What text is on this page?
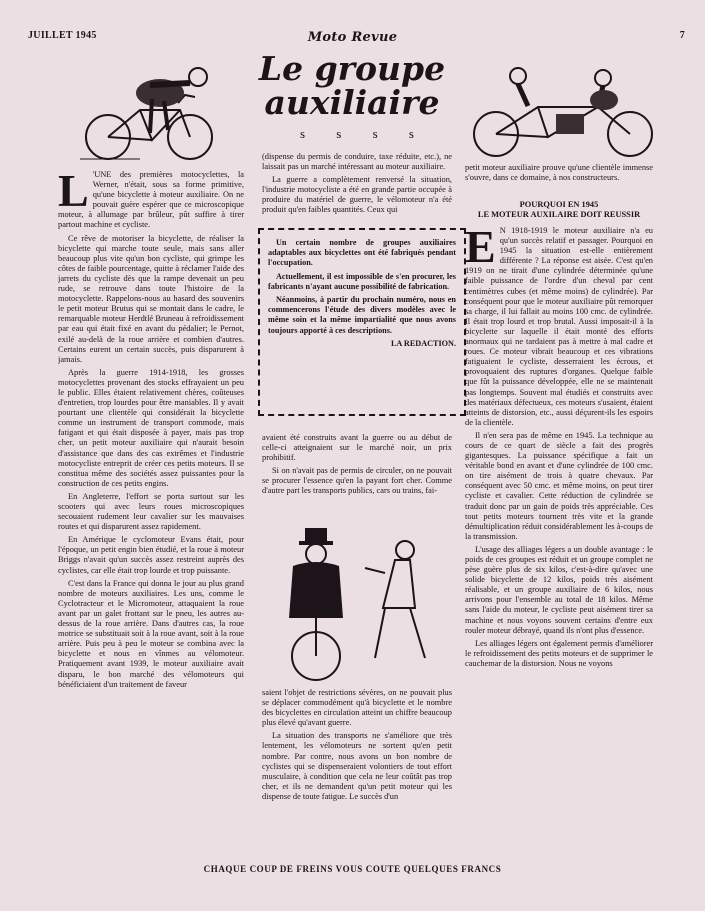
JUILLET 1945	Moto Revue	7
Le groupe
auxiliaire
s s s s

L 'UNE des premières motocyclettes, la Werner, n'était, sous sa forme primitive, qu'une bicyclette à moteur auxiliaire. On ne pouvait guère espérer que ce microscopique moteur, à allumage par brûleur, pût suffire à tirer partout machine et cycliste.

Ce rêve de motoriser la bicyclette, de réaliser la bicyclette qui marche toute seule, mais sans aller beaucoup plus vite qu'un bon cycliste, qui grimpe les côtes de faible pourcentage, quitte à réclamer l'aide des jarrets du cycliste dès que la rampe devenait un peu rude, se retrouve dans toute l'histoire de la motocyclette. Rappelons-nous au hasard des souvenirs le petit moteur Brutus qui se montait dans le cadre, le remarquable moteur Herdtlé Bruneau à refroidissement par eau qui était fixé en avant du pédalier; le Pernot, exilé au-delà de la roue arrière et combien d'autres. Certains eurent un certain succès, puis disparurent à jamais.

Après la guerre 1914-1918, les grosses motocyclettes provenant des stocks effrayaient un peu le public. Elles étaient relativement chères, coûteuses d'entretien, trop lourdes pour être maniables. Il y avait pourtant une clientèle qui considérait la bicyclette comme un instrument de transport commode, mais fatigant et qui était disposée à payer, mais pas trop cher, un petit moteur auxiliaire qui n'aurait besoin d'assistance que dans des cas extrêmes et l'industrie motocycliste entreprit de créer ces petits moteurs. Il se constitua même des sociétés assez puissantes pour la construction de ces petits engins.

En Angleterre, l'effort se porta surtout sur les scooters qui avec leurs roues microscopiques secouaient rudement leur cavalier sur les mauvaises routes et qui disparurent assez rapidement.

En Amérique le cyclomoteur Evans était, pour l'époque, un petit engin bien étudié, et la roue à moteur Briggs n'avait qu'un succès assez restreint auprès des cyclistes, car elle était trop lourde et trop puissante.

C'est dans la France qui donna le jour au plus grand nombre de moteurs auxiliaires. Les uns, comme le Cyclotracteur et le Micromoteur, attaquaient la roue avant par un galet frottant sur le pneu, les autres au-dessus de la roue arrière. Dans d'autres cas, la roue motrice se substituait soit à la roue avant, soit à la roue arrière. Puis peu à peu le moteur se combina avec la bicyclette et nous en vînmes au vélomoteur. Pratiquement avant 1939, le moteur auxiliaire avait disparu, le bon marché des vélomoteurs qui bénéficiaient d'un traitement de faveur

(dispense du permis de conduire, taxe réduite, etc.), ne laissait pas un marché intéressant au moteur auxiliaire.

La guerre a complètement renversé la situation, l'industrie motocycliste a été en grande partie occupée à produire du matériel de guerre, le vélomoteur n'a été produit qu'en faibles quantités. Ceux qui

Un certain nombre de groupes auxiliaires adaptables aux bicyclettes ont été fabriqués pendant l'occupation.

Actuellement, il est impossible de s'en procurer, les fabricants n'ayant aucune possibilité de fabrication.

Néanmoins, à partir du prochain numéro, nous en commencerons l'étude des divers modèles avec le même soin et la même impartialité que nous avons toujours apporté à ces descriptions.

LA REDACTION.

avaient été construits avant la guerre ou au début de celle-ci atteignaient sur le marché noir, un prix prohibitif.

Si on n'avait pas de permis de circuler, on ne pouvait se procurer l'essence qu'en la payant fort cher. Comme d'autre part les transports publics, cars ou trains, fai-

saient l'objet de restrictions sévères, on ne pouvait plus se déplacer commodément qu'à bicyclette et le nombre des bicyclettes en circulation atteint un chiffre beaucoup plus élevé qu'avant guerre.

La situation des transports ne s'améliore que très lentement, les vélomoteurs ne sortent qu'en petit nombre. Par contre, nous avons un bon nombre de cyclistes qui se dispenseraient volontiers de tout effort musculaire, à condition que cela ne leur coûtât pas trop cher, et ils ne demandent qu'un petit moteur qui les dispense de toute fatigue. Le succès d'un

petit moteur auxiliaire prouve qu'une clientèle immense s'ouvre, dans ce domaine, à nos constructeurs.

POURQUOI EN 1945
LE MOTEUR AUXILAIRE DOIT REUSSIR

E N 1918-1919 le moteur auxiliaire n'a eu qu'un succès relatif et passager. Pourquoi en 1945 la situation est-elle entièrement différente ? La réponse est aisée. C'est qu'en 1919 on ne tirait d'une cylindrée déterminée qu'une faible puissance de l'ordre d'un cheval par cent centimètres cubes (et même moins) de cylindrée). Par conséquent pour que le moteur auxiliaire pût remorquer sa charge, il lui fallait au moins 100 cmc. de cylindrée. Il était trop lourd et trop brutal. Aussi imposait-il à la bicyclette sur laquelle il était monté des efforts anormaux qui ne tardaient pas à mettre à mal cadre et roues. Ce moteur vibrait beaucoup et ces vibrations fatiguaient le cycliste, desserraient les écrous, et provoquaient des ruptures d'organes. Quelque faible que fût la puissance développée, elle ne se maintenait pas longtemps. Souvent mal étudiés et construits avec des matériaux défectueux, ces moteurs s'usaient, étaient atteints de distorsion, etc., aussi déçurent-ils les espoirs de la clientèle.

Il n'en sera pas de même en 1945. La technique au cours de ce quart de siècle a fait des progrès gigantesques. La puissance spécifique a fait un véritable bond en avant et d'une cylindrée de 100 cmc. on tire aisément de trois à quatre chevaux. Par conséquent avec 50 cmc. et même moins, on peut tirer cycliste et cavalier. Cette réduction de cylindrée se traduit donc par un gain de poids très appréciable. Ces tout petits moteurs tournent très vite et la grande démultiplication réduit considérablement les à-coups de la transmission.

L'usage des alliages légers a un double avantage : le poids de ces groupes est réduit et un groupe complet ne pèse guère plus de six kilos, c'est-à-dire qu'avec une solide bicyclette de 12 kilos, poids très aisément réalisable, et un groupe auxiliaire de 6 kilos, nous arrivons pour l'ensemble au total de 18 kilos. Même sans l'aide du moteur, le cycliste peut aisément tirer sa machine et nous voyons souvent certains d'entre eux rouler moteur débrayé, quand ils n'ont plus d'essence.

Les alliages légers ont également permis d'améliorer le refroidissement des petits moteurs et de supprimer le cauchemar de la distorsion. Nous ne voyons

CHAQUE COUP DE FREINS VOUS COUTE QUELQUES FRANCS
